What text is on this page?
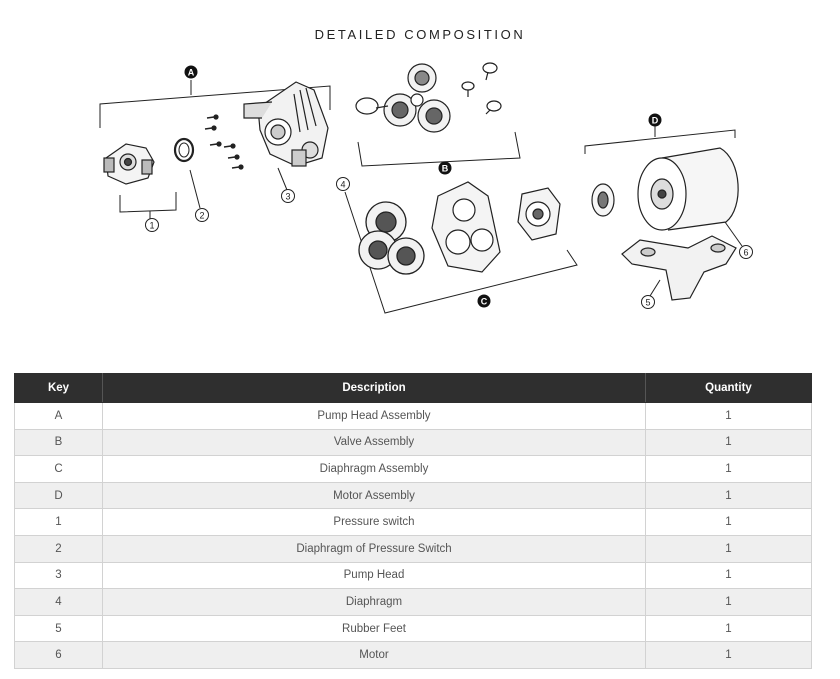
DETAILED COMPOSITION
A
B
C
D
1
2
3
4
5
6
Key	Description	Quantity
A	Pump Head Assembly	1
B	Valve Assembly	1
C	Diaphragm Assembly	1
D	Motor Assembly	1
1	Pressure switch	1
2	Diaphragm of Pressure Switch	1
3	Pump Head	1
4	Diaphragm	1
5	Rubber Feet	1
6	Motor	1
